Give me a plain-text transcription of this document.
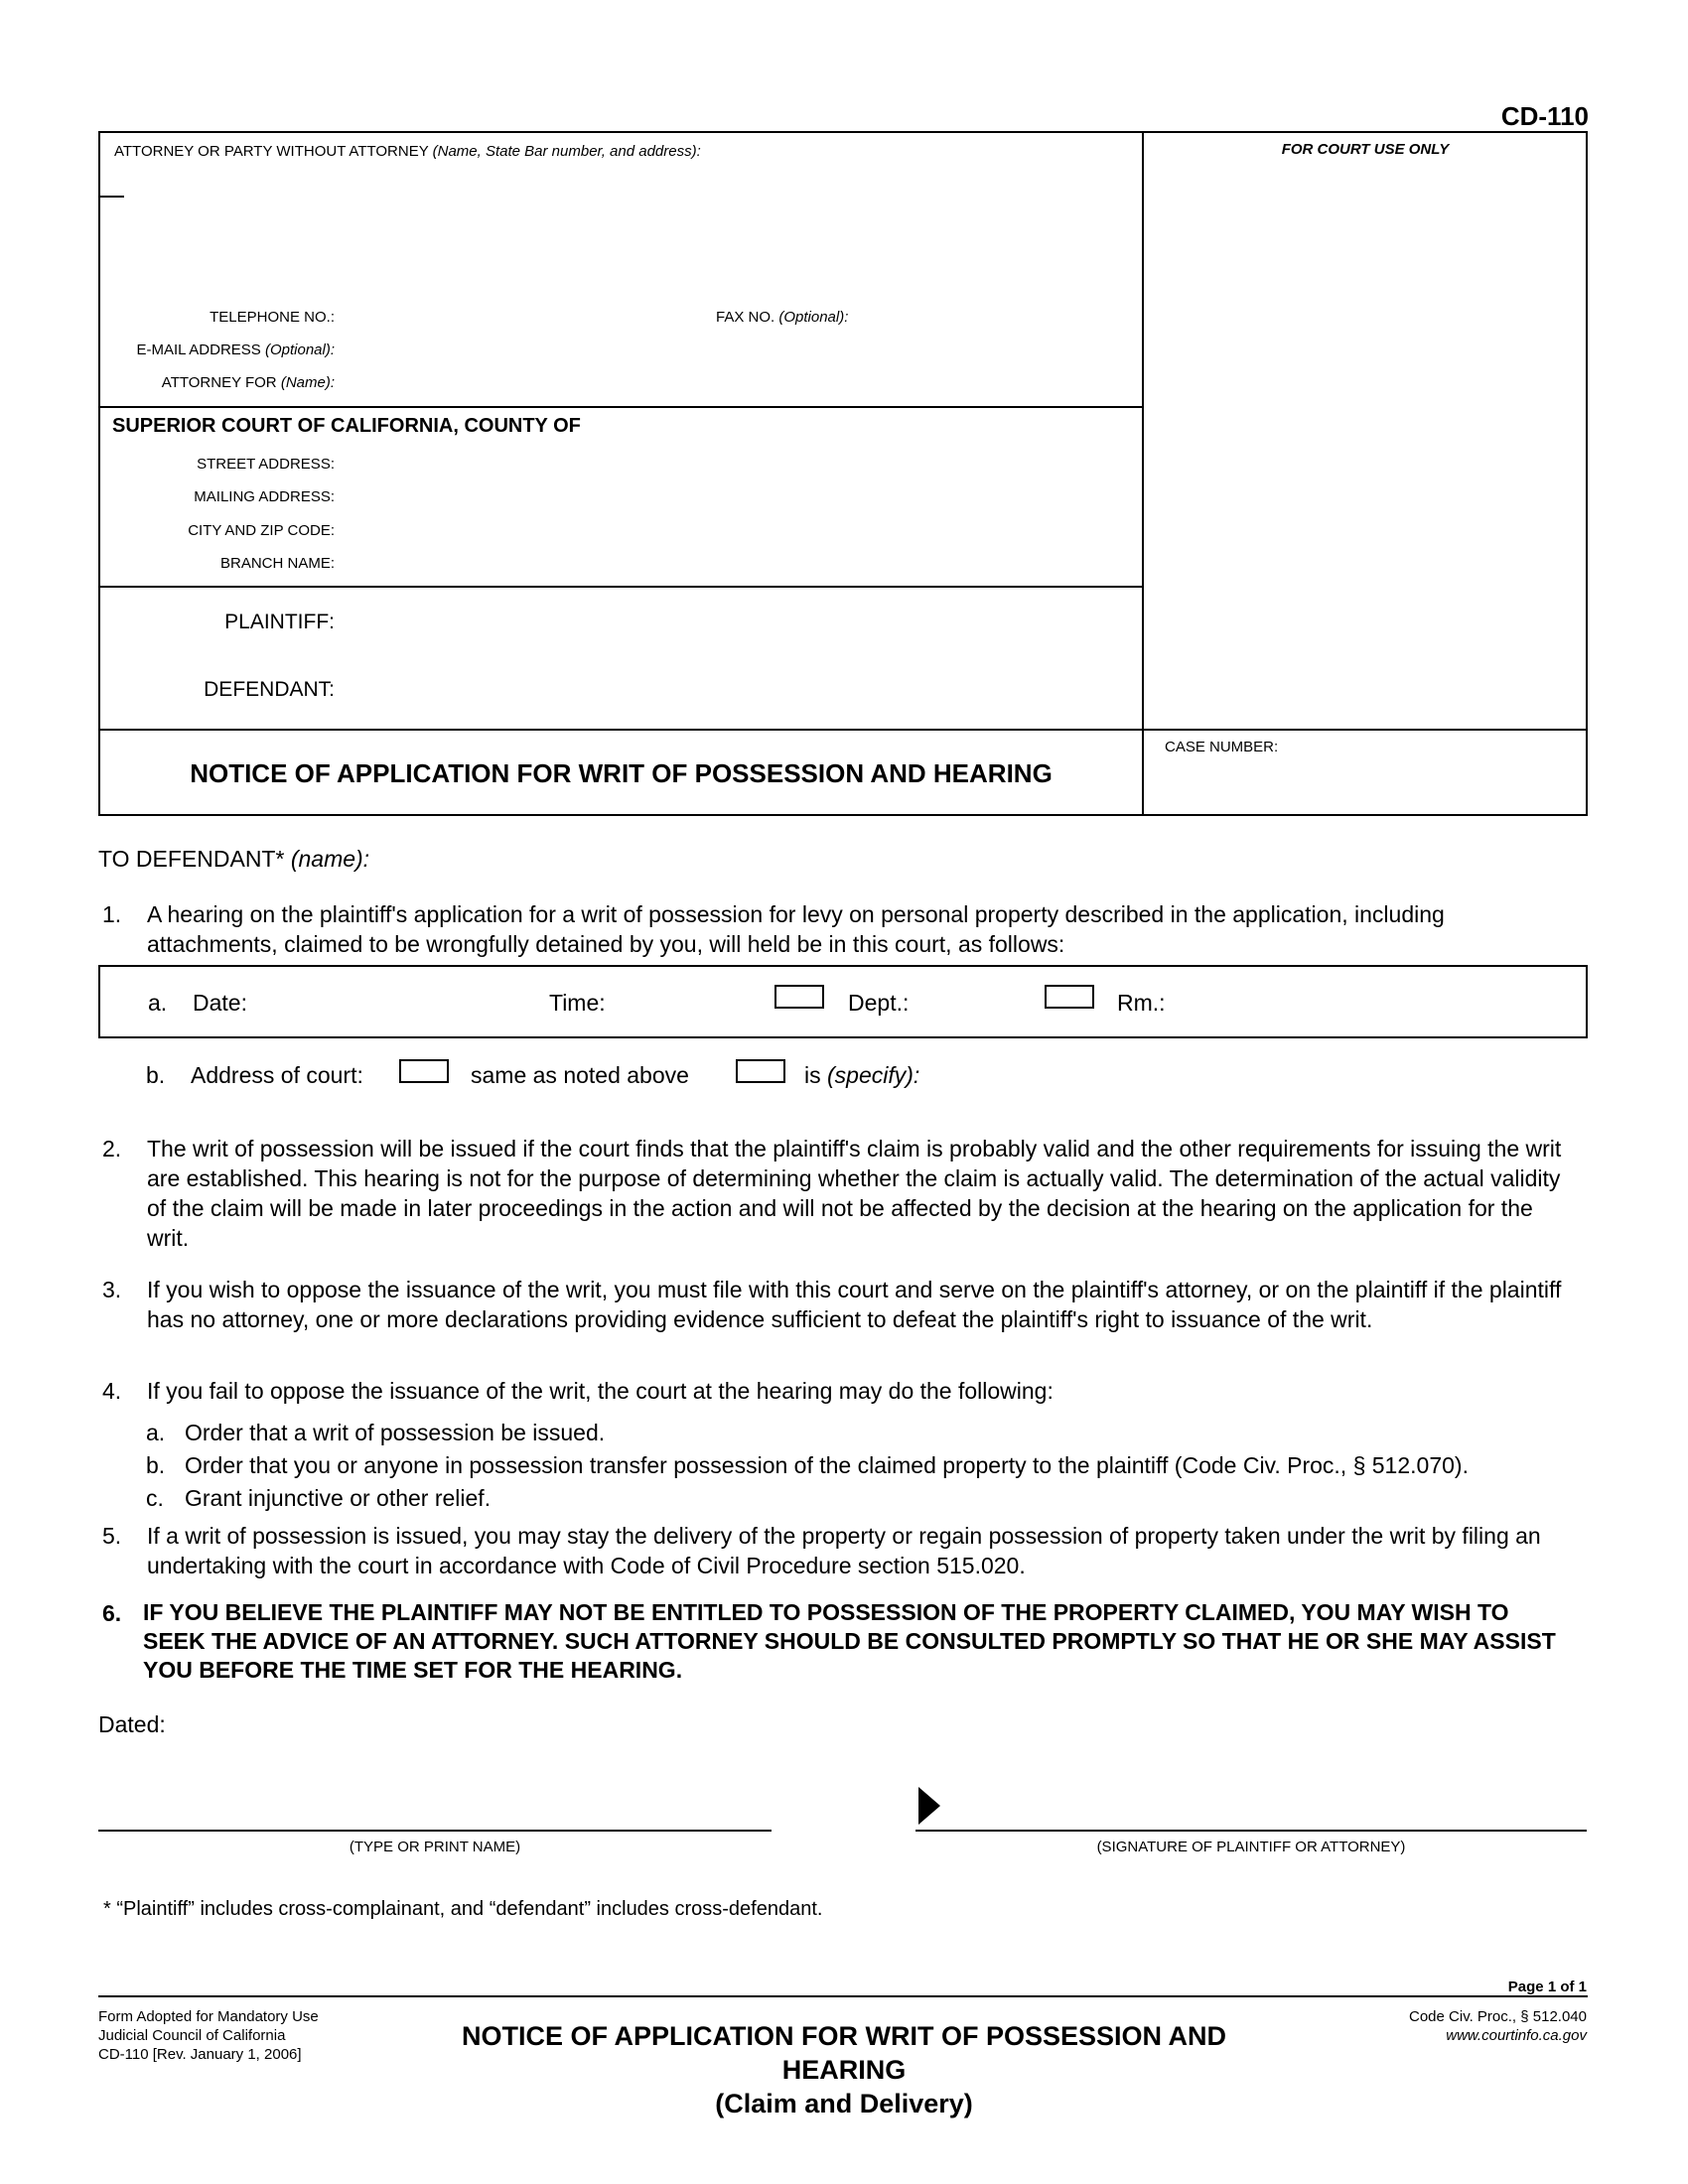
CD-110
ATTORNEY OR PARTY WITHOUT ATTORNEY (Name, State Bar number, and address):	FOR COURT USE ONLY
TELEPHONE NO.:	FAX NO. (Optional):
E-MAIL ADDRESS (Optional):
ATTORNEY FOR (Name):
SUPERIOR COURT OF CALIFORNIA, COUNTY OF
STREET ADDRESS:
MAILING ADDRESS:
CITY AND ZIP CODE:
BRANCH NAME:
PLAINTIFF:
DEFENDANT:
NOTICE OF APPLICATION FOR WRIT OF POSSESSION AND HEARING
CASE NUMBER:
TO DEFENDANT* (name):
1.	A hearing on the plaintiff's application for a writ of possession for levy on personal property described in the application, including attachments, claimed to be wrongfully detained by you, will held be in this court, as follows:
a. Date:	Time:	Dept.:	Rm.:
b. Address of court:	same as noted above	is (specify):
2.	The writ of possession will be issued if the court finds that the plaintiff's claim is probably valid and the other requirements for issuing the writ are established. This hearing is not for the purpose of determining whether the claim is actually valid. The determination of the actual validity of the claim will be made in later proceedings in the action and will not be affected by the decision at the hearing on the application for the writ.
3.	If you wish to oppose the issuance of the writ, you must file with this court and serve on the plaintiff's attorney, or on the plaintiff if the plaintiff has no attorney, one or more declarations providing evidence sufficient to defeat the plaintiff's right to issuance of the writ.
4.	If you fail to oppose the issuance of the writ, the court at the hearing may do the following:
a. Order that a writ of possession be issued.
b. Order that you or anyone in possession transfer possession of the claimed property to the plaintiff (Code Civ. Proc., § 512.070).
c. Grant injunctive or other relief.
5.	If a writ of possession is issued, you may stay the delivery of the property or regain possession of property taken under the writ by filing an undertaking with the court in accordance with Code of Civil Procedure section 515.020.
6. IF YOU BELIEVE THE PLAINTIFF MAY NOT BE ENTITLED TO POSSESSION OF THE PROPERTY CLAIMED, YOU MAY WISH TO SEEK THE ADVICE OF AN ATTORNEY. SUCH ATTORNEY SHOULD BE CONSULTED PROMPTLY SO THAT HE OR SHE MAY ASSIST YOU BEFORE THE TIME SET FOR THE HEARING.
Dated:
(TYPE OR PRINT NAME)	(SIGNATURE OF PLAINTIFF OR ATTORNEY)
* “Plaintiff” includes cross-complainant, and “defendant” includes cross-defendant.
Page 1 of 1
Form Adopted for Mandatory Use
Judicial Council of California
CD-110 [Rev. January 1, 2006]
NOTICE OF APPLICATION FOR WRIT OF POSSESSION AND HEARING
(Claim and Delivery)
Code Civ. Proc., § 512.040
www.courtinfo.ca.gov
